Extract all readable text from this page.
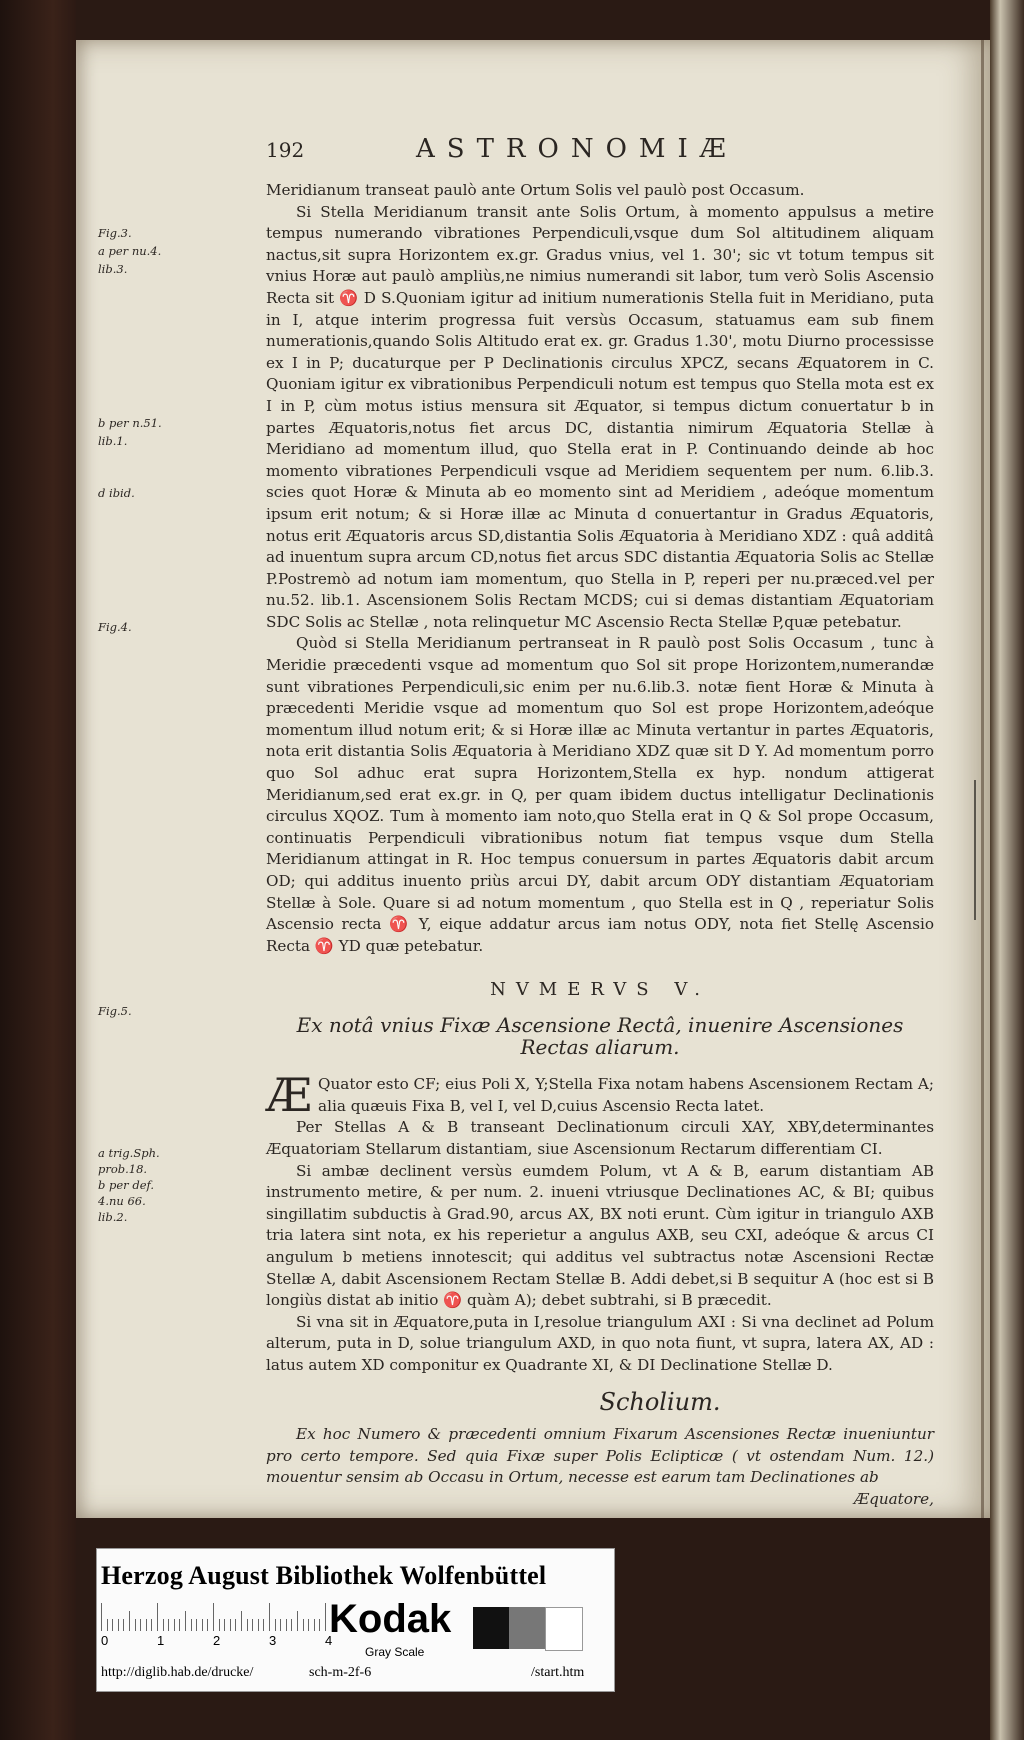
192	ASTRONOMIÆ
Fig.3.
a per nu.4.
lib.3.
b per n.51.
lib.1.
d ibid.
Fig.4.
Fig.5.
a trig.Sph.
prob.18.
b per def.
4.nu 66.
lib.2.

Meridianum transeat paulò ante Ortum Solis vel paulò post Occasum.

Si Stella Meridianum transit ante Solis Ortum, à momento appulsus a metire tempus numerando vibrationes Perpendiculi,vsque dum Sol altitudinem aliquam nactus,sit supra Horizontem ex.gr. Gradus vnius, vel 1. 30'; sic vt totum tempus sit vnius Horæ aut paulò ampliùs,ne nimius numerandi sit labor, tum verò Solis Ascensio Recta sit ♈ D S.Quoniam igitur ad initium numerationis Stella fuit in Meridiano, puta in I, atque interim progressa fuit versùs Occasum, statuamus eam sub finem numerationis,quando Solis Altitudo erat ex. gr. Gradus 1.30', motu Diurno processisse ex I in P; ducaturque per P Declinationis circulus XPCZ, secans Æquatorem in C. Quoniam igitur ex vibrationibus Perpendiculi notum est tempus quo Stella mota est ex I in P, cùm motus istius mensura sit Æquator, si tempus dictum conuertatur b in partes Æquatoris,notus fiet arcus DC, distantia nimirum Æquatoria Stellæ à Meridiano ad momentum illud, quo Stella erat in P. Continuando deinde ab hoc momento vibrationes Perpendiculi vsque ad Meridiem sequentem per num. 6.lib.3. scies quot Horæ & Minuta ab eo momento sint ad Meridiem , adeóque momentum ipsum erit notum; & si Horæ illæ ac Minuta d conuertantur in Gradus Æquatoris, notus erit Æquatoris arcus SD,distantia Solis Æquatoria à Meridiano XDZ : quâ additâ ad inuentum supra arcum CD,notus fiet arcus SDC distantia Æquatoria Solis ac Stellæ P.Postremò ad notum iam momentum, quo Stella in P, reperi per nu.præced.vel per nu.52. lib.1. Ascensionem Solis Rectam MCDS; cui si demas distantiam Æquatoriam SDC Solis ac Stellæ , nota relinquetur MC Ascensio Recta Stellæ P,quæ petebatur.

Quòd si Stella Meridianum pertranseat in R paulò post Solis Occasum , tunc à Meridie præcedenti vsque ad momentum quo Sol sit prope Horizontem,numerandæ sunt vibrationes Perpendiculi,sic enim per nu.6.lib.3. notæ fient Horæ & Minuta à præcedenti Meridie vsque ad momentum quo Sol est prope Horizontem,adeóque momentum illud notum erit; & si Horæ illæ ac Minuta vertantur in partes Æquatoris, nota erit distantia Solis Æquatoria à Meridiano XDZ quæ sit D Y. Ad momentum porro quo Sol adhuc erat supra Horizontem,Stella ex hyp. nondum attigerat Meridianum,sed erat ex.gr. in Q, per quam ibidem ductus intelligatur Declinationis circulus XQOZ. Tum à momento iam noto,quo Stella erat in Q & Sol prope Occasum, continuatis Perpendiculi vibrationibus notum fiat tempus vsque dum Stella Meridianum attingat in R. Hoc tempus conuersum in partes Æquatoris dabit arcum OD; qui additus inuento priùs arcui DY, dabit arcum ODY distantiam Æquatoriam Stellæ à Sole. Quare si ad notum momentum , quo Stella est in Q , reperiatur Solis Ascensio recta ♈ Y, eique addatur arcus iam notus ODY, nota fiet Stellę Ascensio Recta ♈ YD quæ petebatur.

NVMERVS V.
Ex notâ vnius Fixæ Ascensione Rectâ, inuenire Ascensiones Rectas aliarum.

Æ Quator esto CF; eius Poli X, Y;Stella Fixa notam habens Ascensionem Rectam A; alia quæuis Fixa B, vel I, vel D,cuius Ascensio Recta latet.

Per Stellas A & B transeant Declinationum circuli XAY, XBY,determinantes Æquatoriam Stellarum distantiam, siue Ascensionum Rectarum differentiam CI.

Si ambæ declinent versùs eumdem Polum, vt A & B, earum distantiam AB instrumento metire, & per num. 2. inueni vtriusque Declinationes AC, & BI; quibus singillatim subductis à Grad.90, arcus AX, BX noti erunt. Cùm igitur in triangulo AXB tria latera sint nota, ex his reperietur a angulus AXB, seu CXI, adeóque & arcus CI angulum b metiens innotescit; qui additus vel subtractus notæ Ascensioni Rectæ Stellæ A, dabit Ascensionem Rectam Stellæ B. Addi debet,si B sequitur A (hoc est si B longiùs distat ab initio ♈ quàm A); debet subtrahi, si B præcedit.

Si vna sit in Æquatore,puta in I,resolue triangulum AXI : Si vna declinet ad Polum alterum, puta in D, solue triangulum AXD, in quo nota fiunt, vt supra, latera AX, AD : latus autem XD componitur ex Quadrante XI, & DI Declinatione Stellæ D.

Scholium.

Ex hoc Numero & præcedenti omnium Fixarum Ascensiones Rectæ inueniuntur pro certo tempore. Sed quia Fixæ super Polis Eclipticæ ( vt ostendam Num. 12.) mouentur sensim ab Occasu in Ortum, necesse est earum tam Declinationes ab

Æquatore,

Herzog August Bibliothek Wolfenbüttel
0	1	2	3	4
Kodak
Gray Scale
http://diglib.hab.de/drucke/	sch-m-2f-6	/start.htm
